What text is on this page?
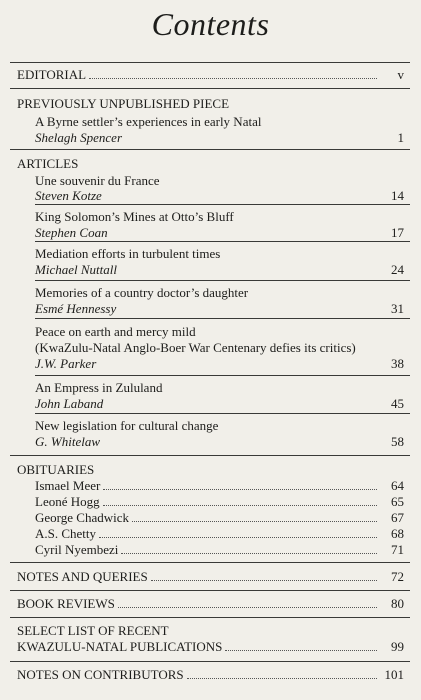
Contents
EDITORIAL	v
PREVIOUSLY UNPUBLISHED PIECE
A Byrne settler’s experiences in early Natal
Shelagh Spencer	1
ARTICLES
Une souvenir du France
Steven Kotze	14
King Solomon’s Mines at Otto’s Bluff
Stephen Coan	17
Mediation efforts in turbulent times
Michael Nuttall	24
Memories of a country doctor’s daughter
Esmé Hennessy	31
Peace on earth and mercy mild
(KwaZulu-Natal Anglo-Boer War Centenary defies its critics)
J.W. Parker	38
An Empress in Zululand
John Laband	45
New legislation for cultural change
G. Whitelaw	58
OBITUARIES
Ismael Meer	64
Leoné Hogg	65
George Chadwick	67
A.S. Chetty	68
Cyril Nyembezi	71
NOTES AND QUERIES	72
BOOK REVIEWS	80
SELECT LIST OF RECENT
KWAZULU-NATAL PUBLICATIONS	99
NOTES ON CONTRIBUTORS	101
